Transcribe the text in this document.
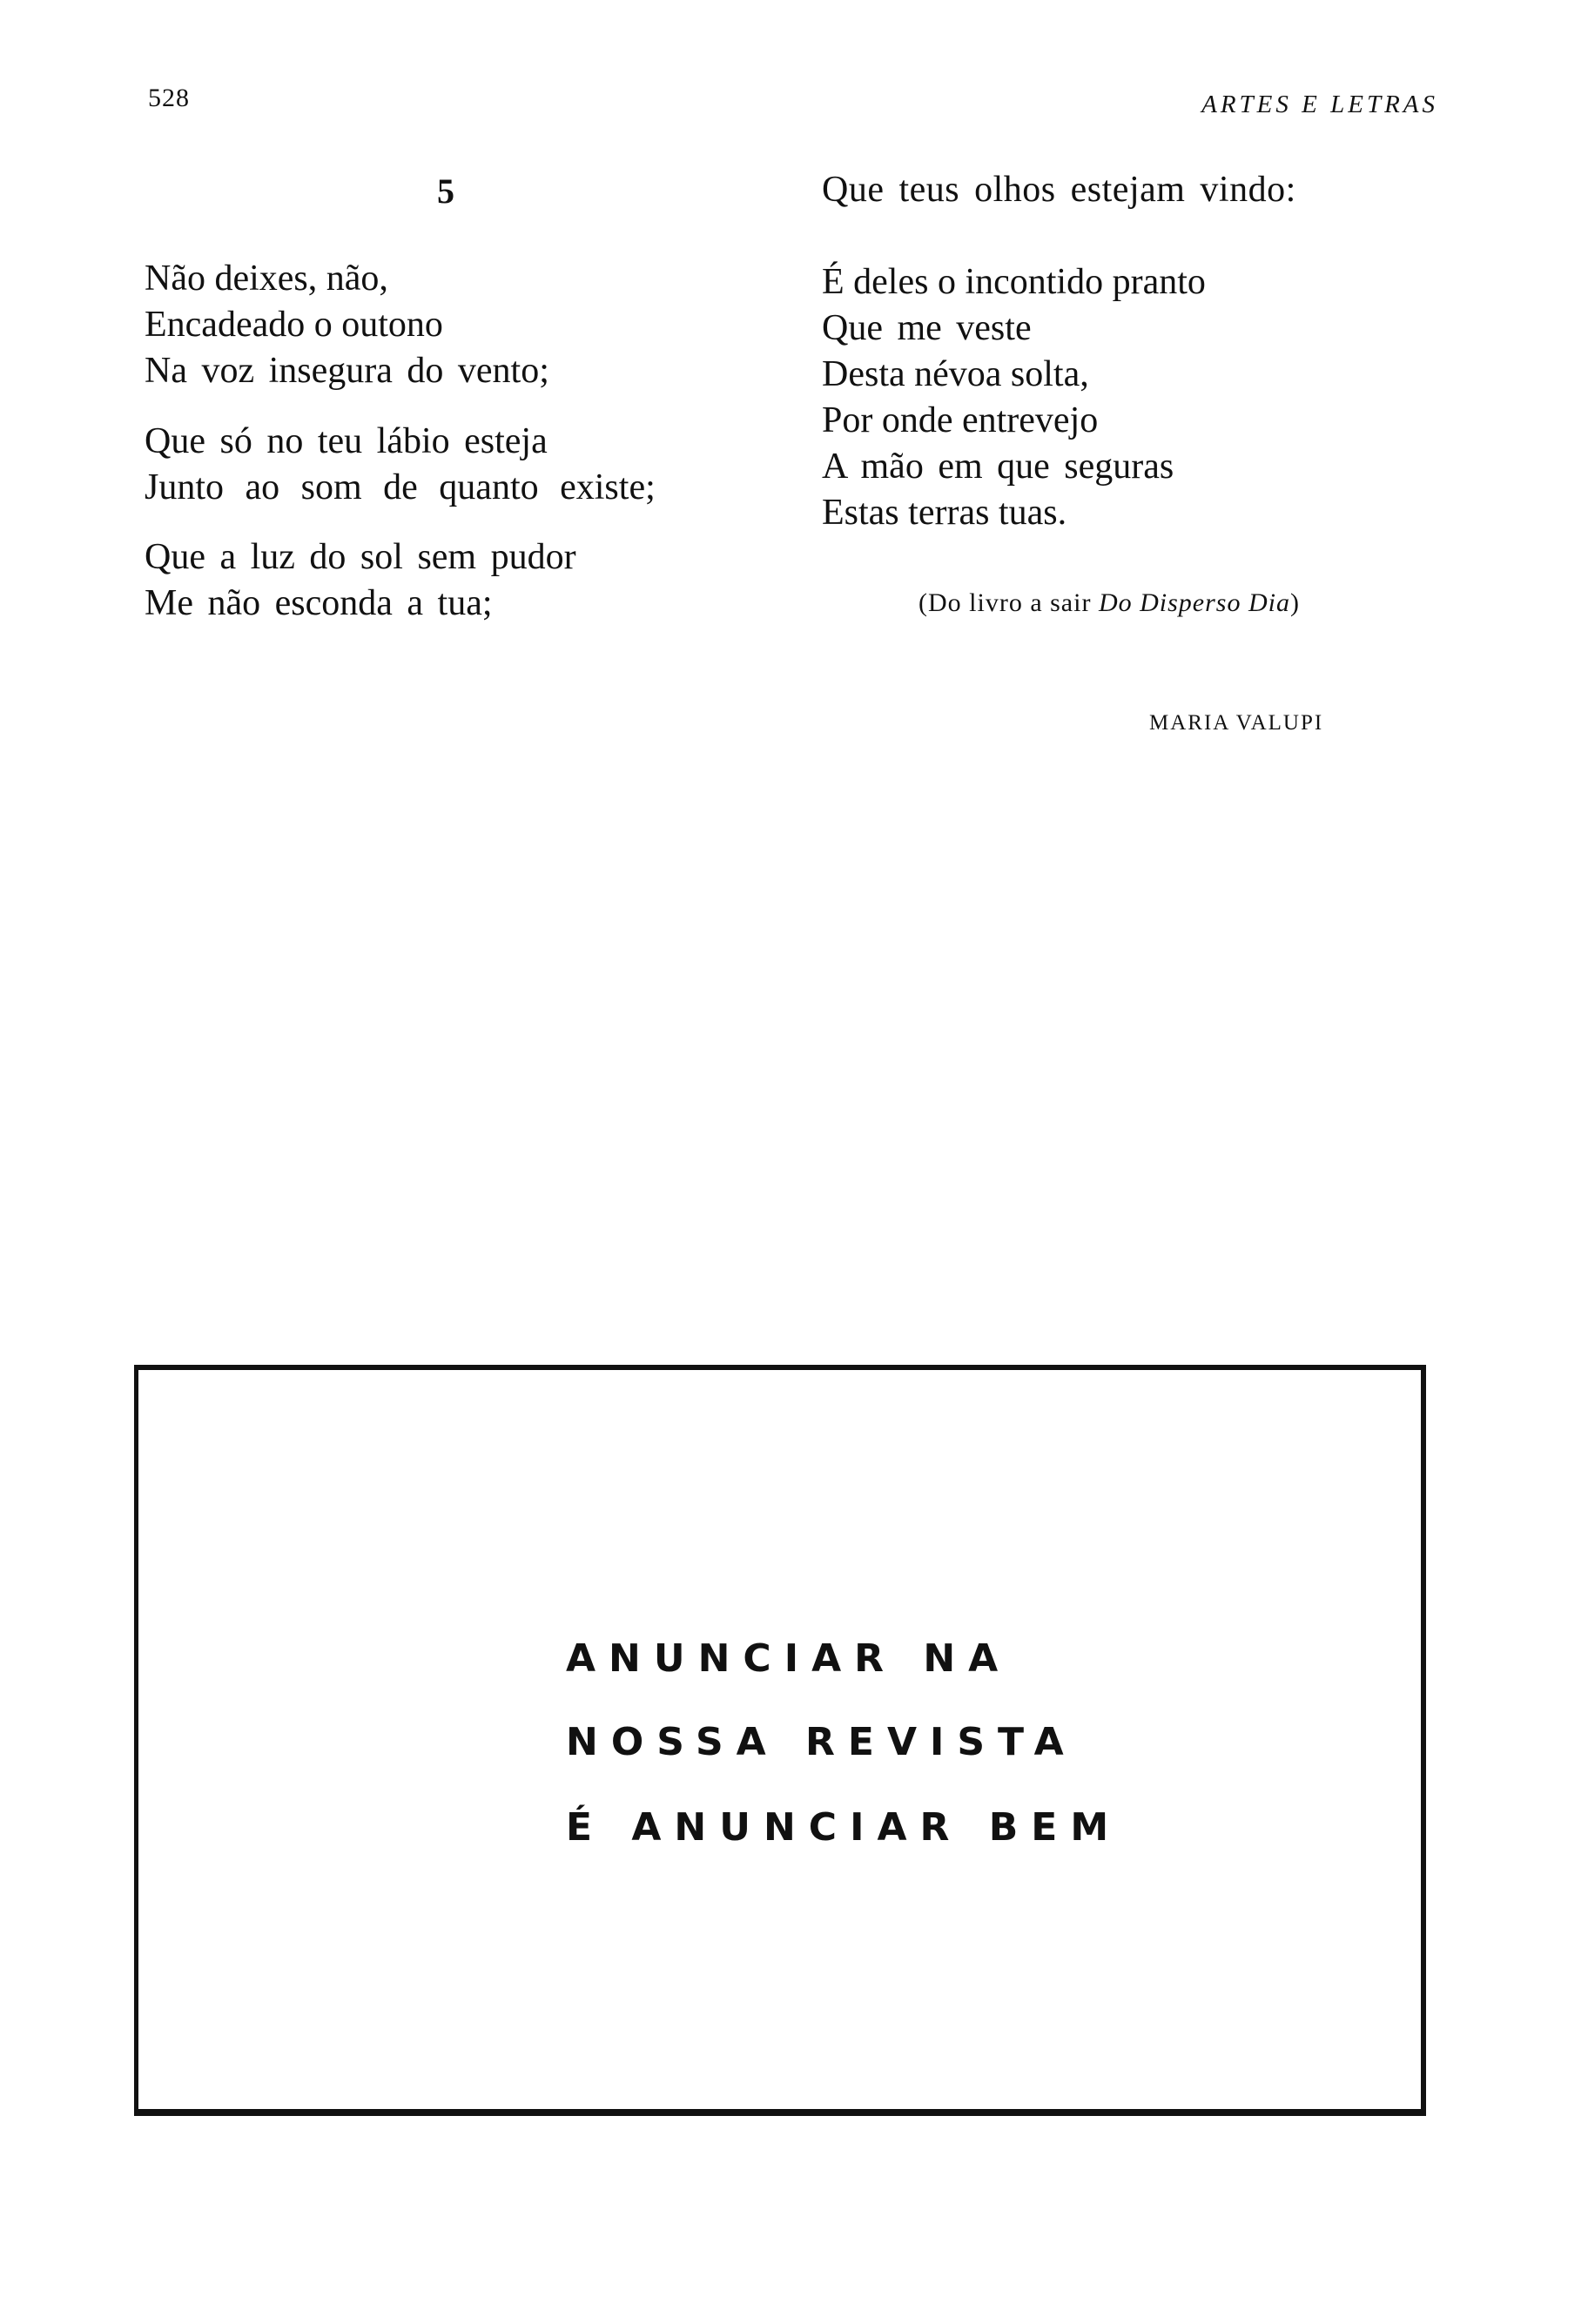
528	ARTES E LETRAS
5
Não deixes, não,
Encadeado o outono
Na voz insegura do vento;
Que só no teu lábio esteja
Junto ao som de quanto existe;
Que a luz do sol sem pudor
Me não esconda a tua;
Que teus olhos estejam vindo:
É deles o incontido pranto
Que me veste
Desta névoa solta,
Por onde entrevejo
A mão em que seguras
Estas terras tuas.
(Do livro a sair Do Disperso Dia)
MARIA VALUPI
ANUNCIAR NA
NOSSA REVISTA
É ANUNCIAR BEM
